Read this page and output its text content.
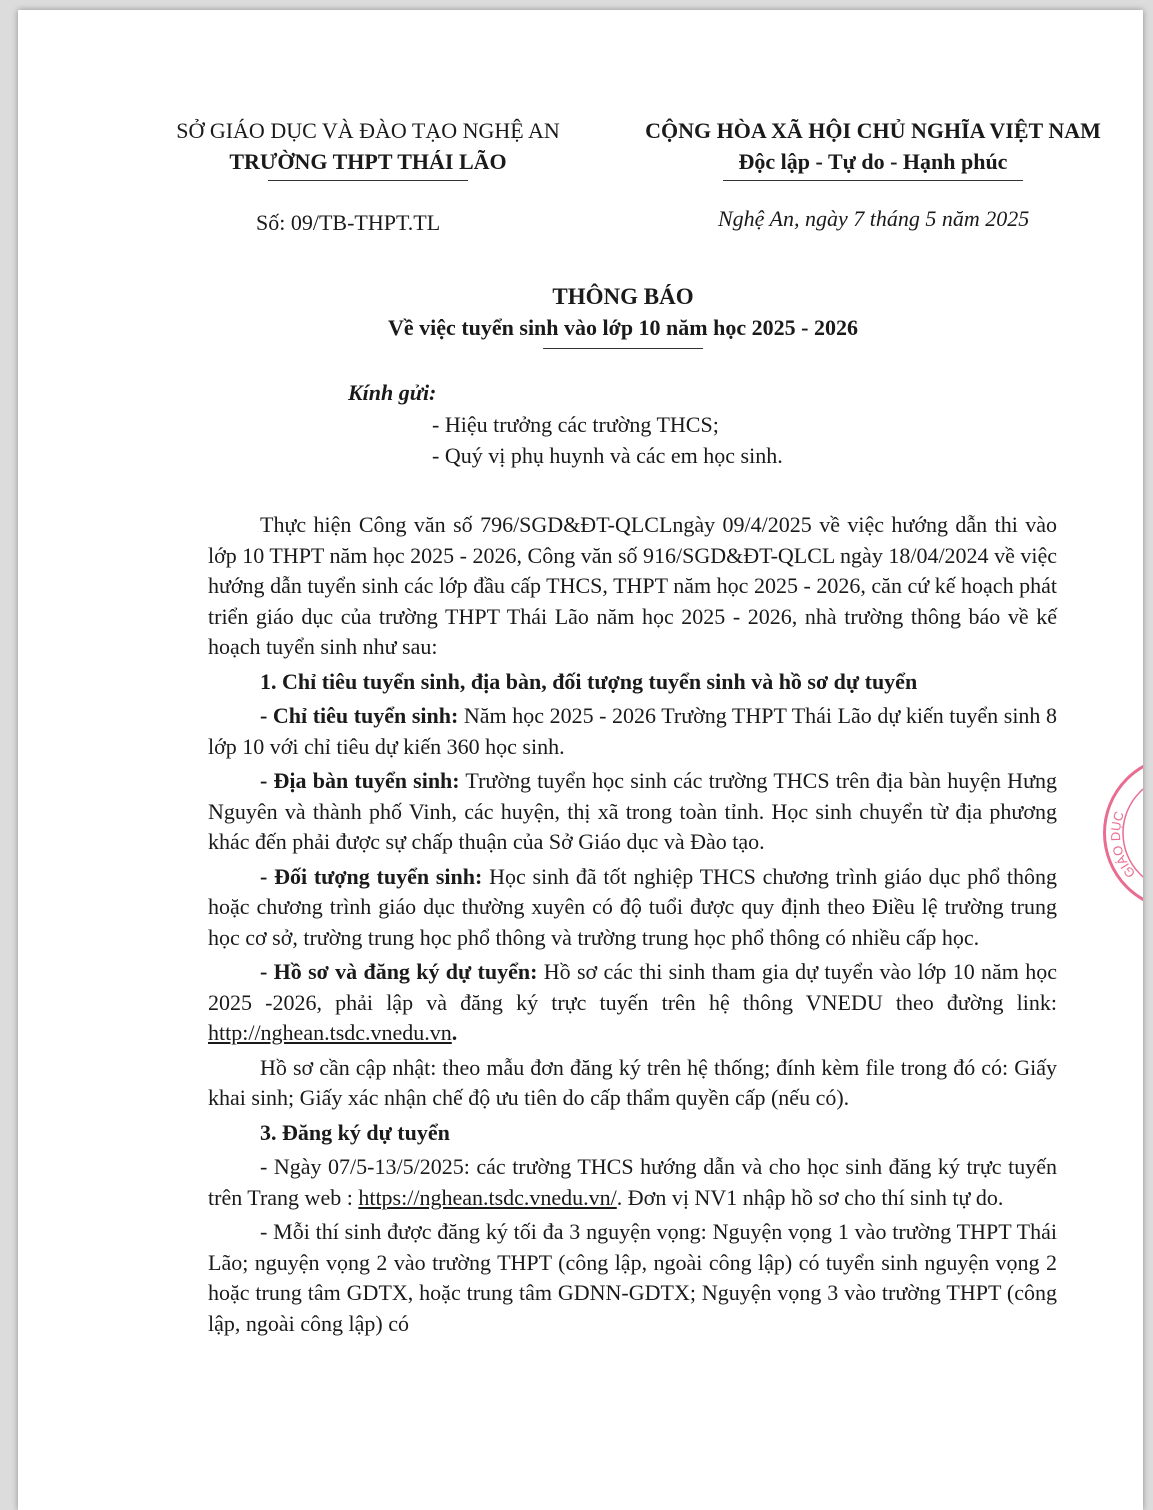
SỞ GIÁO DỤC VÀ ĐÀO TẠO NGHỆ AN
TRƯỜNG THPT THÁI LÃO
CỘNG HÒA XÃ HỘI CHỦ NGHĨA VIỆT NAM
Độc lập - Tự do - Hạnh phúc
Số: 09/TB-THPT.TL	Nghệ An, ngày 7 tháng 5 năm 2025
THÔNG BÁO
Về việc tuyển sinh vào lớp 10 năm học 2025 - 2026
Kính gửi:
- Hiệu trưởng các trường THCS;
- Quý vị phụ huynh và các em học sinh.

Thực hiện Công văn số 796/SGD&ĐT-QLCLngày 09/4/2025 về việc hướng dẫn thi vào lớp 10 THPT năm học 2025 - 2026, Công văn số 916/SGD&ĐT-QLCL ngày 18/04/2024 về việc hướng dẫn tuyển sinh các lớp đầu cấp THCS, THPT năm học 2025 - 2026, căn cứ kế hoạch phát triển giáo dục của trường THPT Thái Lão năm học 2025 - 2026, nhà trường thông báo về kế hoạch tuyển sinh như sau:

1. Chỉ tiêu tuyển sinh, địa bàn, đối tượng tuyển sinh và hồ sơ dự tuyển

- Chỉ tiêu tuyển sinh: Năm học 2025 - 2026 Trường THPT Thái Lão dự kiến tuyển sinh 8 lớp 10 với chỉ tiêu dự kiến 360 học sinh.

- Địa bàn tuyển sinh: Trường tuyển học sinh các trường THCS trên địa bàn huyện Hưng Nguyên và thành phố Vinh, các huyện, thị xã trong toàn tỉnh. Học sinh chuyển từ địa phương khác đến phải được sự chấp thuận của Sở Giáo dục và Đào tạo.

- Đối tượng tuyển sinh: Học sinh đã tốt nghiệp THCS chương trình giáo dục phổ thông hoặc chương trình giáo dục thường xuyên có độ tuổi được quy định theo Điều lệ trường trung học cơ sở, trường trung học phổ thông và trường trung học phổ thông có nhiều cấp học.

- Hồ sơ và đăng ký dự tuyển: Hồ sơ các thi sinh tham gia dự tuyển vào lớp 10 năm học 2025 -2026, phải lập và đăng ký trực tuyến trên hệ thông VNEDU theo đường link: http://nghean.tsdc.vnedu.vn.

Hồ sơ cần cập nhật: theo mẫu đơn đăng ký trên hệ thống; đính kèm file trong đó có: Giấy khai sinh; Giấy xác nhận chế độ ưu tiên do cấp thẩm quyền cấp (nếu có).

3. Đăng ký dự tuyển

- Ngày 07/5-13/5/2025: các trường THCS hướng dẫn và cho học sinh đăng ký trực tuyến trên Trang web : https://nghean.tsdc.vnedu.vn/. Đơn vị NV1 nhập hồ sơ cho thí sinh tự do.

- Mỗi thí sinh được đăng ký tối đa 3 nguyện vọng: Nguyện vọng 1 vào trường THPT Thái Lão; nguyện vọng 2 vào trường THPT (công lập, ngoài công lập) có tuyển sinh nguyện vọng 2 hoặc trung tâm GDTX, hoặc trung tâm GDNN-GDTX; Nguyện vọng 3 vào trường THPT (công lập, ngoài công lập) có

GIÁO DỤC
